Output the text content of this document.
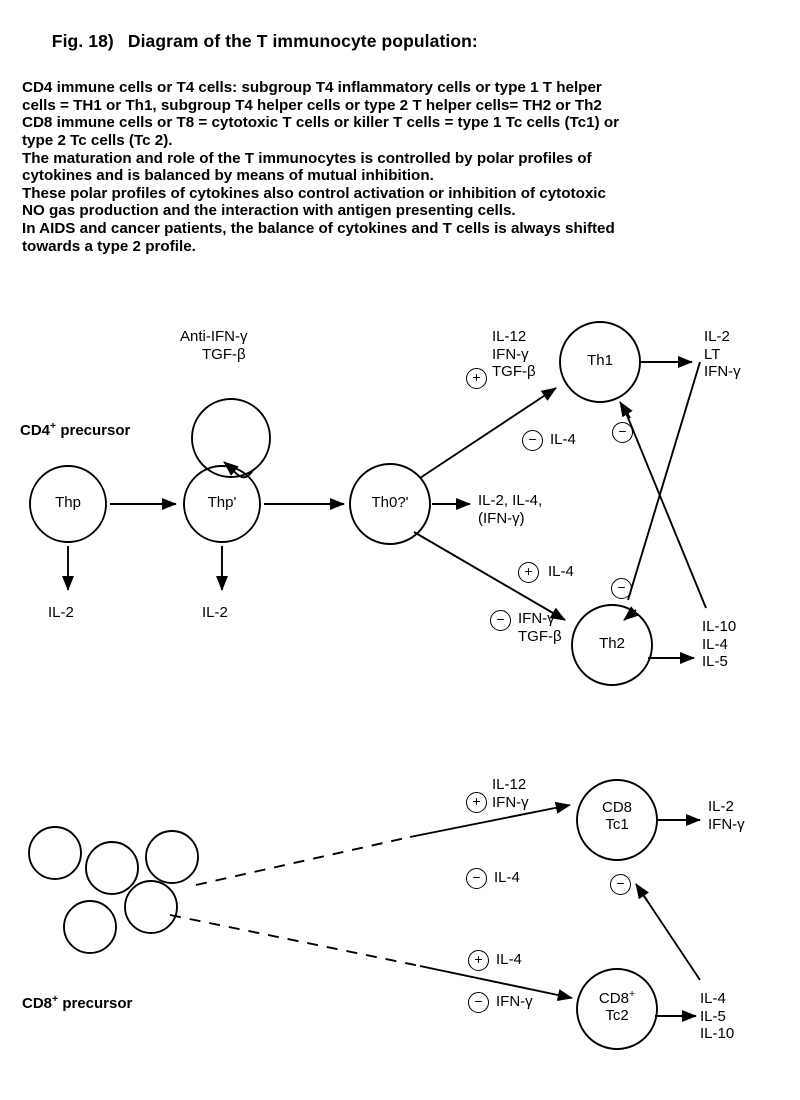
Fig. 18) Diagram of the T immunocyte population:

CD4 immune cells or T4 cells: subgroup T4 inflammatory cells or type 1 T helper

cells = TH1 or Th1, subgroup T4 helper cells or type 2 T helper cells= TH2 or Th2

CD8 immune cells or T8 = cytotoxic T cells or killer T cells = type 1 Tc cells (Tc1) or

type 2 Tc cells (Tc 2).

The maturation and role of the T immunocytes is controlled by polar profiles of

cytokines and is balanced by means of mutual inhibition.

These polar profiles of cytokines also control activation or inhibition of cytotoxic

NO gas production and the interaction with antigen presenting cells.

In AIDS and cancer patients, the balance of cytokines and T cells is always shifted

towards a type 2 profile.

CD4+ precursor
Thp	Thp'	Th0?'
Th1
Th2
Anti-IFN-γ
TGF-β
IL-2	IL-2
IL-12
IFN-γ
TGF-β
+
− IL-4	−
IL-2
LT
IFN-γ
IL-2, IL-4,
(IFN-γ)
+	IL-4
−
− IFN-γ
TGF-β
IL-10
IL-4
IL-5
CD8+ precursor
CD8
Tc1
CD8+
Tc2
+
IL-12
IFN-γ
− IL-4
IL-2
IFN-γ
+ IL-4
− IFN-γ
−
IL-4
IL-5
IL-10
